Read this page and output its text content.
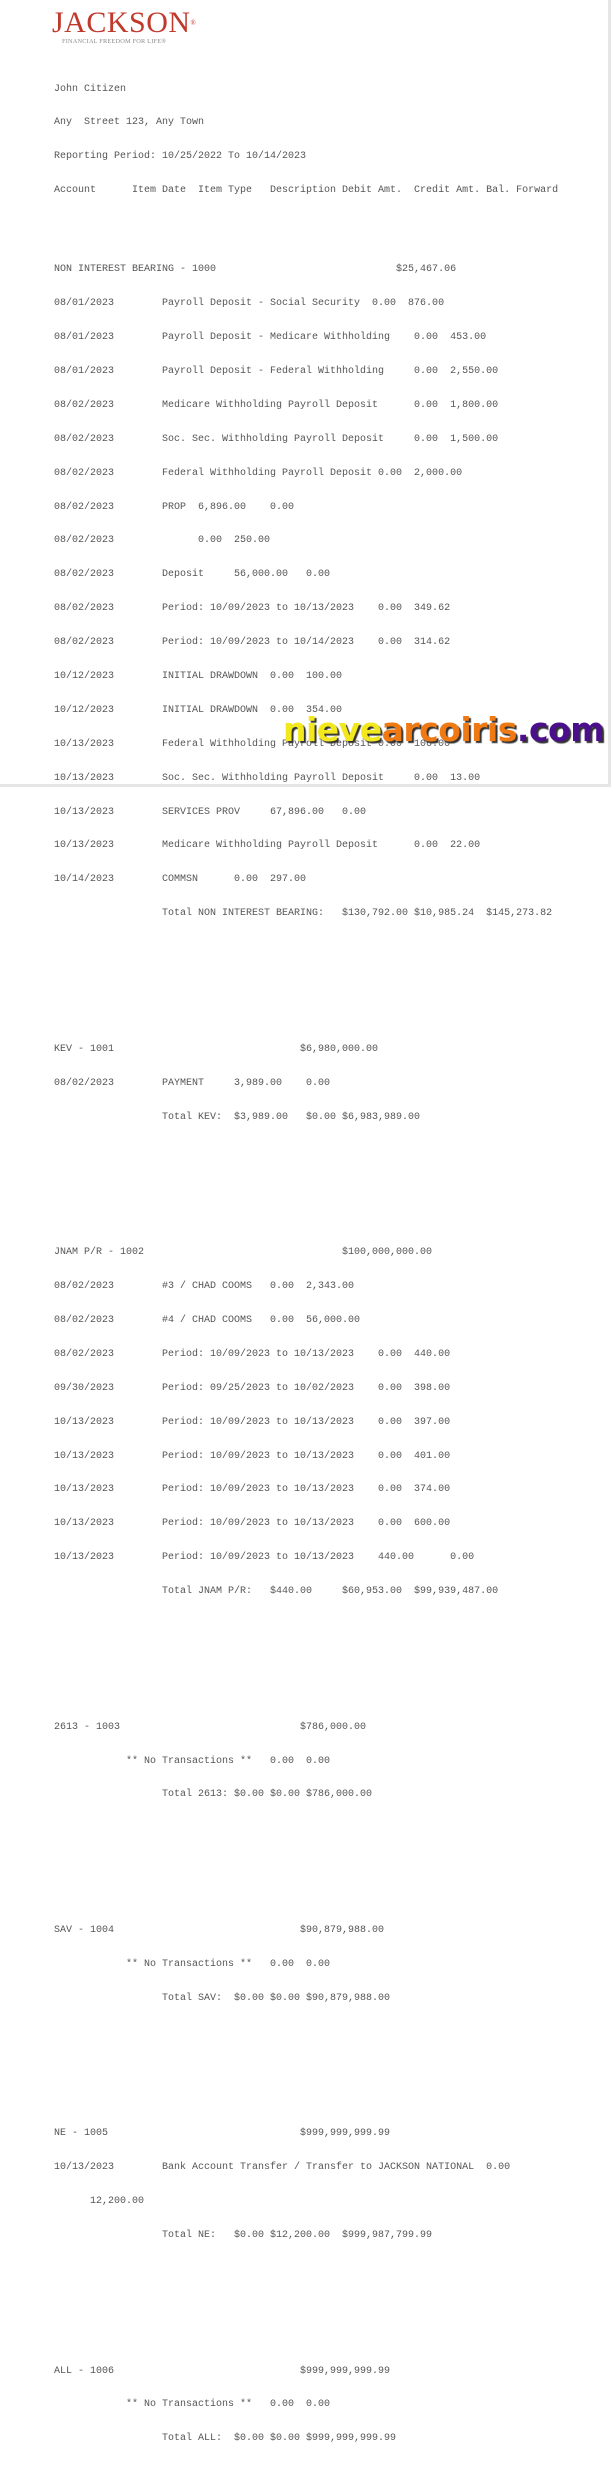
JACKSON®
FINANCIAL FREEDOM FOR LIFE®

John Citizen

Any  Street 123, Any Town

Reporting Period: 10/25/2022 To 10/14/2023

Account      Item Date  Item Type   Description Debit Amt.  Credit Amt. Bal. Forward

NON INTEREST BEARING - 1000                              $25,467.06

08/01/2023        Payroll Deposit - Social Security  0.00  876.00

08/01/2023        Payroll Deposit - Medicare Withholding    0.00  453.00

08/01/2023        Payroll Deposit - Federal Withholding     0.00  2,550.00

08/02/2023        Medicare Withholding Payroll Deposit      0.00  1,800.00

08/02/2023        Soc. Sec. Withholding Payroll Deposit     0.00  1,500.00

08/02/2023        Federal Withholding Payroll Deposit 0.00  2,000.00

08/02/2023        PROP  6,896.00    0.00

08/02/2023              0.00  250.00

08/02/2023        Deposit     56,000.00   0.00

08/02/2023        Period: 10/09/2023 to 10/13/2023    0.00  349.62

08/02/2023        Period: 10/09/2023 to 10/14/2023    0.00  314.62

10/12/2023        INITIAL DRAWDOWN  0.00  100.00

10/12/2023        INITIAL DRAWDOWN  0.00  354.00

10/13/2023        Federal Withholding Payroll Deposit 0.00  106.00

10/13/2023        Soc. Sec. Withholding Payroll Deposit     0.00  13.00

10/13/2023        SERVICES PROV     67,896.00   0.00

10/13/2023        Medicare Withholding Payroll Deposit      0.00  22.00

10/14/2023        COMMSN      0.00  297.00

Total NON INTEREST BEARING:   $130,792.00 $10,985.24  $145,273.82

KEV - 1001                               $6,980,000.00

08/02/2023        PAYMENT     3,989.00    0.00

Total KEV:  $3,989.00   $0.00 $6,983,989.00

JNAM P/R - 1002                                 $100,000,000.00

08/02/2023        #3 / CHAD COOMS   0.00  2,343.00

08/02/2023        #4 / CHAD COOMS   0.00  56,000.00

08/02/2023        Period: 10/09/2023 to 10/13/2023    0.00  440.00

09/30/2023        Period: 09/25/2023 to 10/02/2023    0.00  398.00

10/13/2023        Period: 10/09/2023 to 10/13/2023    0.00  397.00

10/13/2023        Period: 10/09/2023 to 10/13/2023    0.00  401.00

10/13/2023        Period: 10/09/2023 to 10/13/2023    0.00  374.00

10/13/2023        Period: 10/09/2023 to 10/13/2023    0.00  600.00

10/13/2023        Period: 10/09/2023 to 10/13/2023    440.00      0.00

Total JNAM P/R:   $440.00     $60,953.00  $99,939,487.00

2613 - 1003                              $786,000.00

** No Transactions **   0.00  0.00

Total 2613: $0.00 $0.00 $786,000.00

SAV - 1004                               $90,879,988.00

** No Transactions **   0.00  0.00

Total SAV:  $0.00 $0.00 $90,879,988.00

NE - 1005                                $999,999,999.99

10/13/2023        Bank Account Transfer / Transfer to JACKSON NATIONAL  0.00

12,200.00

Total NE:   $0.00 $12,200.00  $999,987,799.99

ALL - 1006                               $999,999,999.99

** No Transactions **   0.00  0.00

Total ALL:  $0.00 $0.00 $999,999,999.99

nievearcoiris.com
